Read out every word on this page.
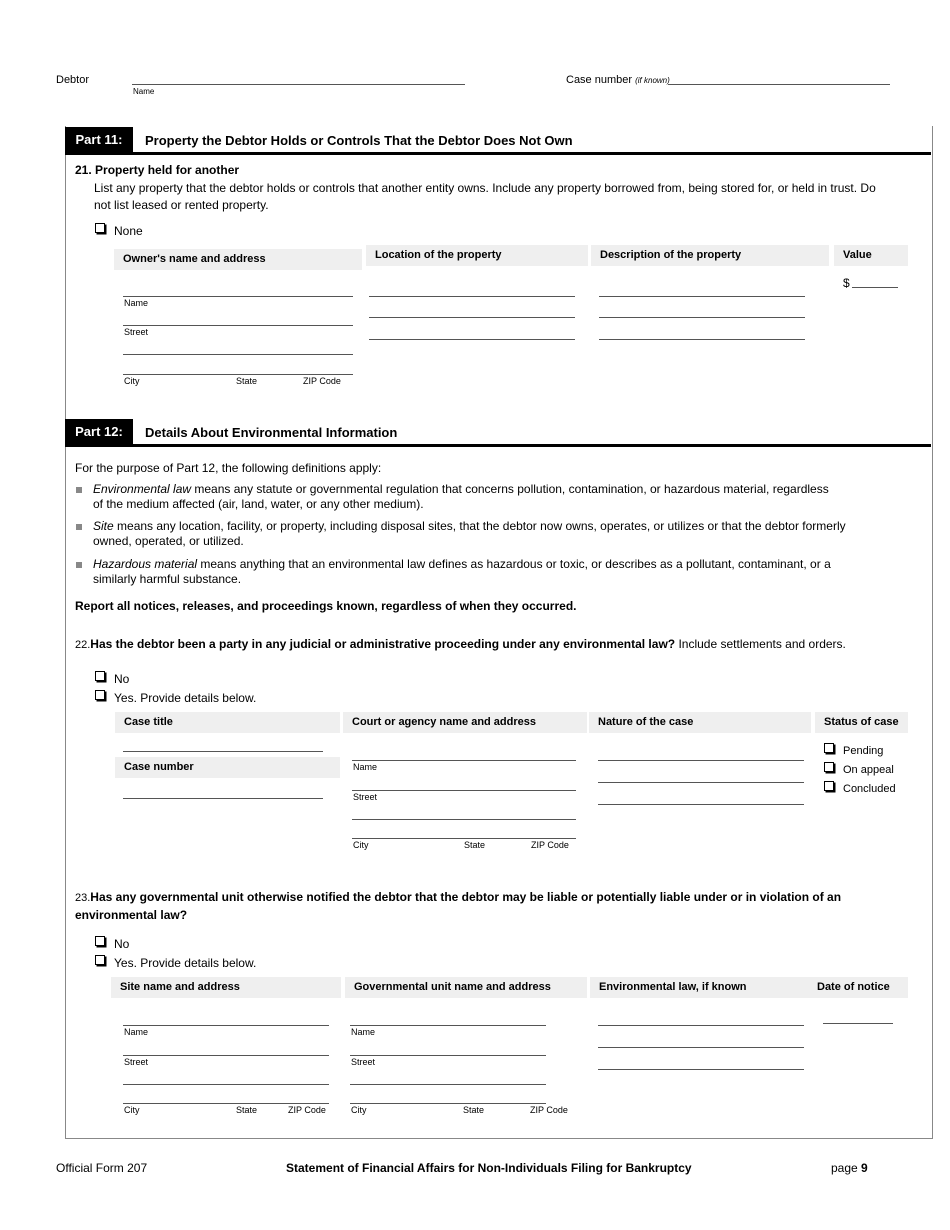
Debtor
Name
Case number (if known)
Part 11:	Property the Debtor Holds or Controls That the Debtor Does Not Own
21. Property held for another
List any property that the debtor holds or controls that another entity owns. Include any property borrowed from, being stored for, or held in trust. Do not list leased or rented property.
None
Owner's name and address	Location of the property	Description of the property	Value
Name
Street
City	State	ZIP Code
$
Part 12:	Details About Environmental Information
For the purpose of Part 12, the following definitions apply:
Environmental law means any statute or governmental regulation that concerns pollution, contamination, or hazardous material, regardless of the medium affected (air, land, water, or any other medium).
Site means any location, facility, or property, including disposal sites, that the debtor now owns, operates, or utilizes or that the debtor formerly owned, operated, or utilized.
Hazardous material means anything that an environmental law defines as hazardous or toxic, or describes as a pollutant, contaminant, or a similarly harmful substance.
Report all notices, releases, and proceedings known, regardless of when they occurred.
22.Has the debtor been a party in any judicial or administrative proceeding under any environmental law? Include settlements and orders.
No
Yes. Provide details below.
Case title	Court or agency name and address	Nature of the case	Status of case
Case number	Name
Street
City	State	ZIP Code
Pending
On appeal
Concluded
23.Has any governmental unit otherwise notified the debtor that the debtor may be liable or potentially liable under or in violation of an environmental law?
No
Yes. Provide details below.
Site name and address	Governmental unit name and address	Environmental law, if known	Date of notice
Name
Street
City	State	ZIP Code
Name
Street
City	State	ZIP Code
Official Form 207	Statement of Financial Affairs for Non-Individuals Filing for Bankruptcy	page 9
